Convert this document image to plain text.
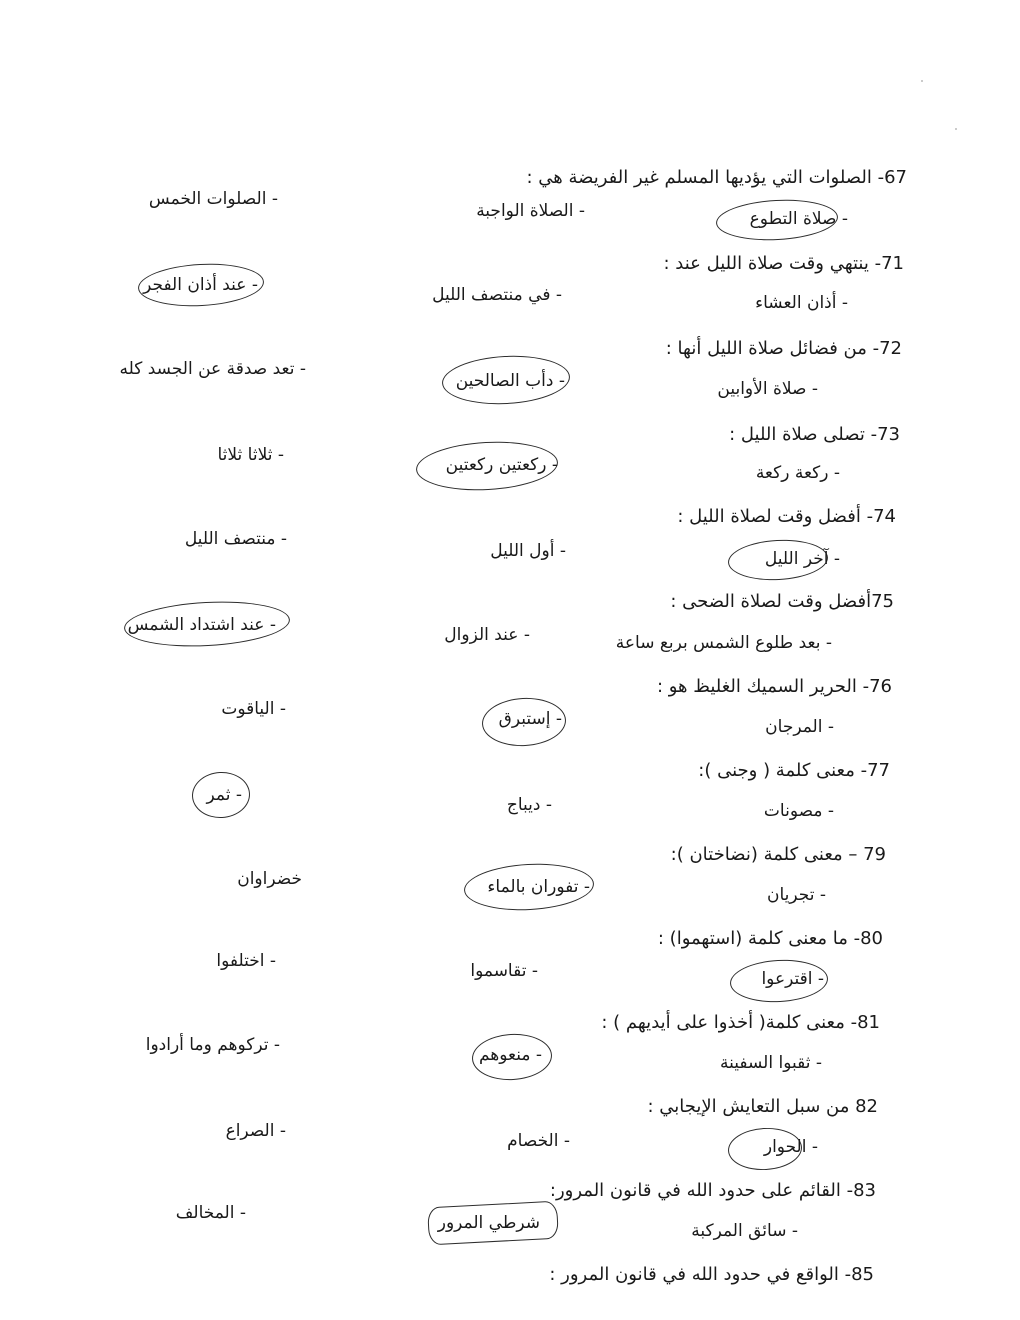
67- الصلوات التي يؤديها المسلم غير الفريضة هي :
- صلاة التطوع
- الصلاة الواجبة
- الصلوات الخمس
71- ينتهي وقت صلاة الليل عند :
- أذان العشاء
- في منتصف الليل
- عند أذان الفجر
72- من فضائل صلاة الليل أنها :
- صلاة الأوابين
- دأب الصالحين
- تعد صدقة عن الجسد كله
73- تصلى صلاة الليل :
- ركعة ركعة
- ركعتين ركعتين
- ثلاثا ثلاثا
74- أفضل وقت لصلاة الليل :
- آخر الليل
- أول الليل
- منتصف الليل
75أفضل وقت لصلاة الضحى :
- بعد طلوع الشمس بربع ساعة
- عند الزوال
- عند اشتداد الشمس
76- الحرير السميك الغليظ هو :
- المرجان
- إستبرق
- الياقوت
77- معنى كلمة ( وجنى ):
- مصونات
- ديباج
- ثمر
79 – معنى كلمة (نضاختان ):
- تجريان
- تفوران بالماء
خضراوان
80- ما معنى كلمة (استهموا) :
- اقترعوا
- تقاسموا
- اختلفوا
81- معنى كلمة( أخذوا على أيديهم ) :
- ثقبوا السفينة
- منعوهم
- تركوهم وما أرادوا
82 من سبل التعايش الإيجابي :
- الحوار
- الخصام
- الصراع
83- القائم على حدود الله في قانون المرور:
- سائق المركبة
شرطي المرور
- المخالف
85- الواقع في حدود الله في قانون المرور :
